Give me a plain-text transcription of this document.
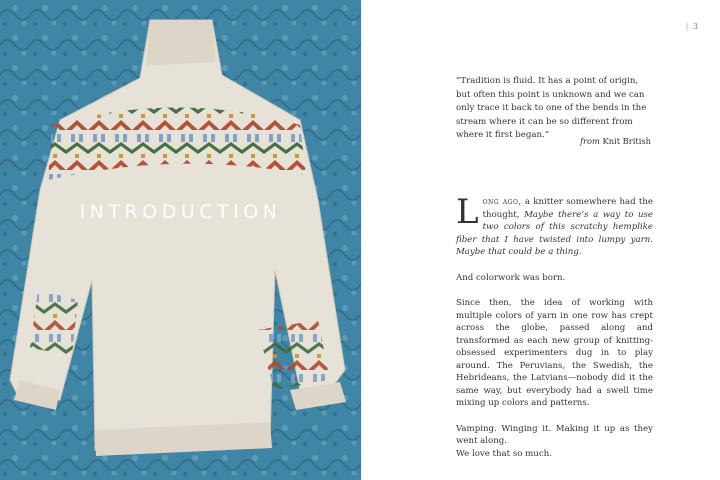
INTRODUCTION
| 3

“Tradition is fluid. It has a point of origin, but often this point is unknown and we can only trace it back to one of the bends in the stream where it can be so different from where it first began.”

from Knit British

Long ago, a knitter somewhere had the thought, Maybe there’s a way to use two colors of this scratchy hemplike fiber that I have twisted into lumpy yarn. Maybe that could be a thing.

And colorwork was born.

Since then, the idea of working with multiple colors of yarn in one row has crept across the globe, passed along and transformed as each new group of knitting-obsessed experimenters dug in to play around. The Peruvians, the Swedish, the Hebrideans, the Latvians—nobody did it the same way, but everybody had a swell time mixing up colors and patterns.

Vamping. Winging it. Making it up as they went along.
We love that so much.
